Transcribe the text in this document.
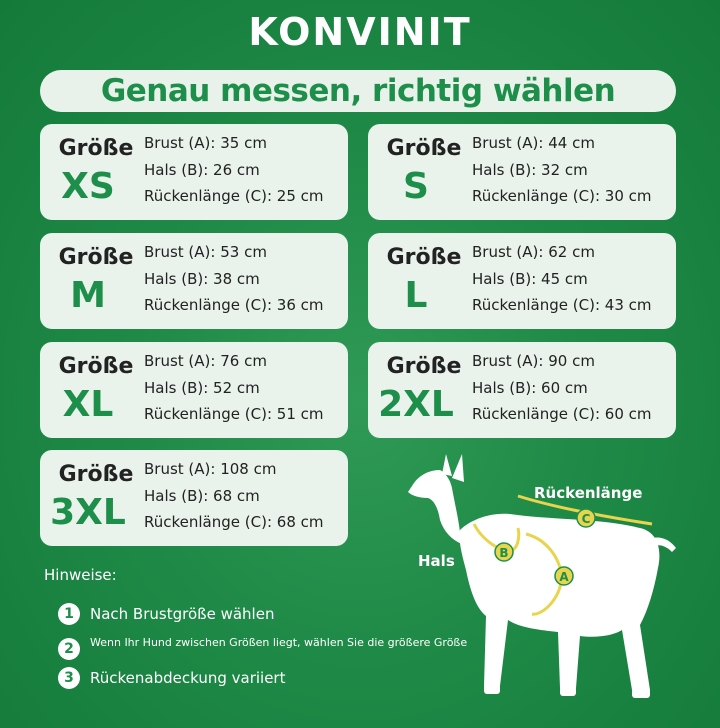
KONVINIT
Genau messen, richtig wählen
Größe
XS
Brust (A): 35 cm
Hals (B): 26 cm
Rückenlänge (C): 25 cm
Größe
S
Brust (A): 44 cm
Hals (B): 32 cm
Rückenlänge (C): 30 cm
Größe
M
Brust (A): 53 cm
Hals (B): 38 cm
Rückenlänge (C): 36 cm
Größe
L
Brust (A): 62 cm
Hals (B): 45 cm
Rückenlänge (C): 43 cm
Größe
XL
Brust (A): 76 cm
Hals (B): 52 cm
Rückenlänge (C): 51 cm
Größe
2XL
Brust (A): 90 cm
Hals (B): 60 cm
Rückenlänge (C): 60 cm
Größe
3XL
Brust (A): 108 cm
Hals (B): 68 cm
Rückenlänge (C): 68 cm
Hinweise:
1	Nach Brustgröße wählen
2	Wenn Ihr Hund zwischen Größen liegt, wählen Sie die größere Größe
3	Rückenabdeckung variiert
B
A
C
Rückenlänge
Hals
Brust
